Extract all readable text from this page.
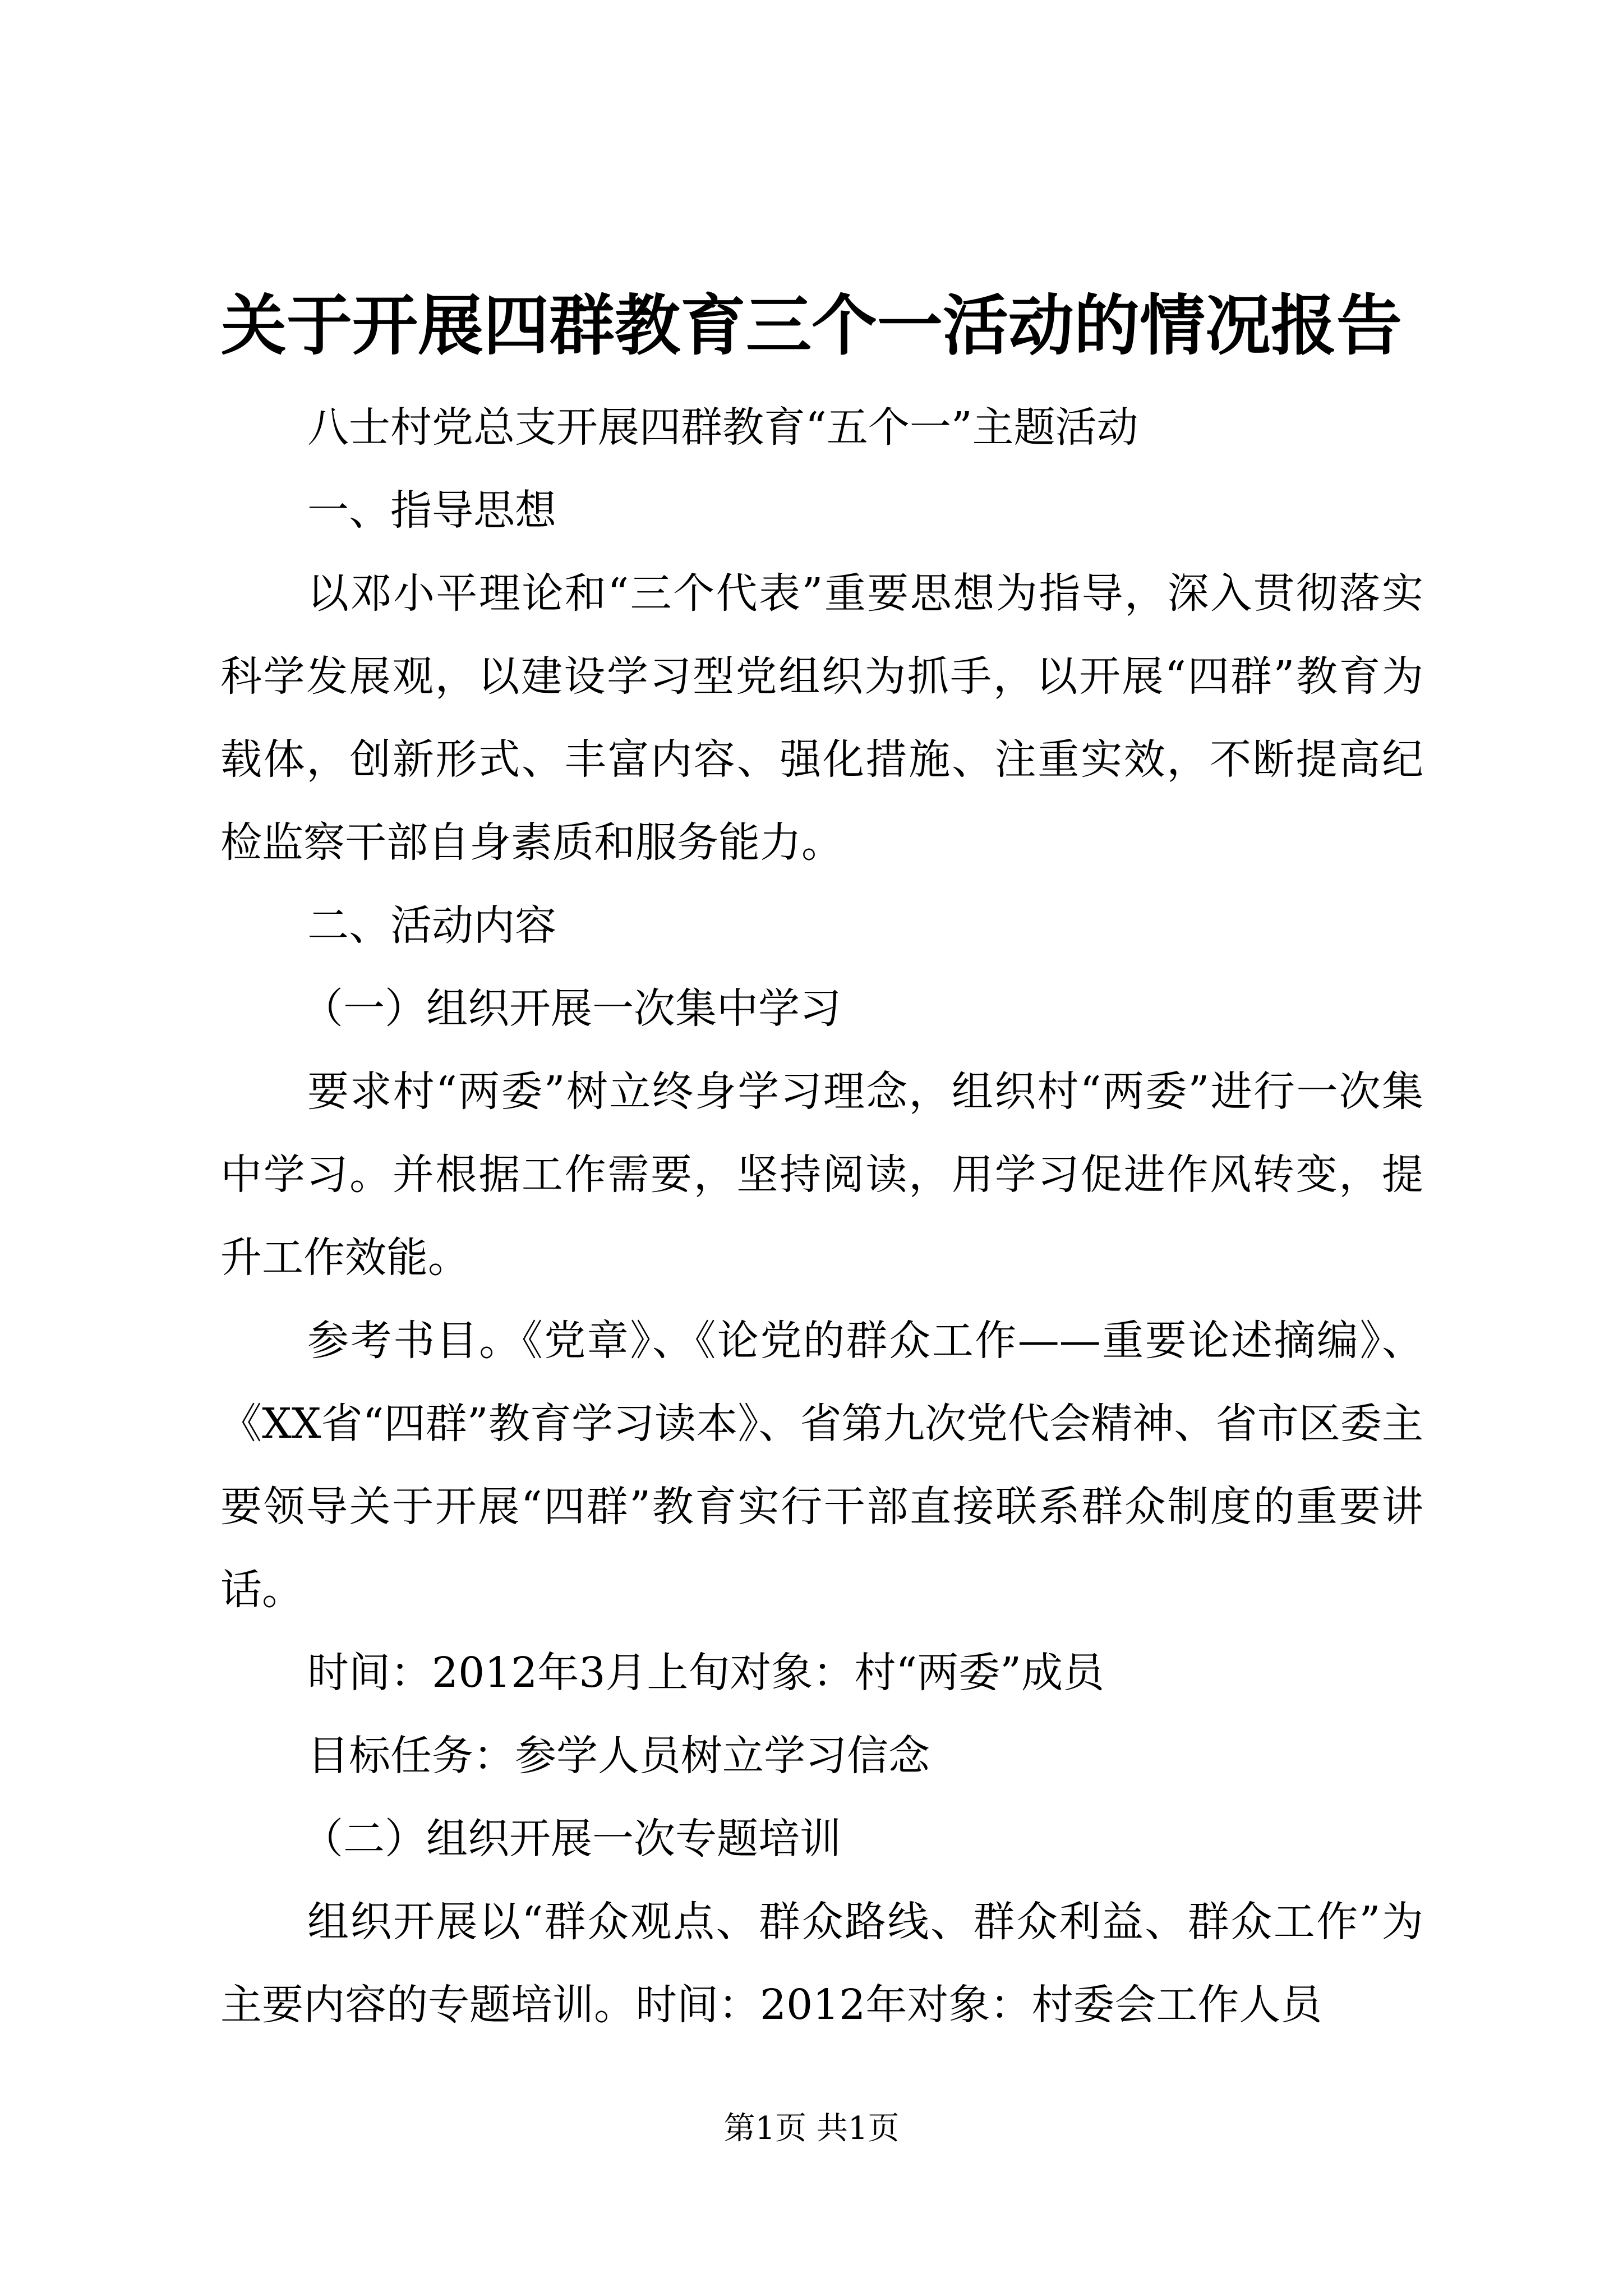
关于开展四群教育三个一活动的情况报告

八士村党总支开展四群教育“五个一”主题活动

一、指导思想

以邓小平理论和“三个代表”重要思想为指导，深入贯彻落实科学发展观，以建设学习型党组织为抓手，以开展“四群”教育为载体，创新形式、丰富内容、强化措施、注重实效，不断提高纪检监察干部自身素质和服务能力。

二、活动内容

（一）组织开展一次集中学习

要求村“两委”树立终身学习理念，组织村“两委”进行一次集中学习。并根据工作需要，坚持阅读，用学习促进作风转变，提升工作效能。

参考书目。《党章》、《论党的群众工作——重要论述摘编》、《XX省“四群”教育学习读本》、省第九次党代会精神、省市区委主要领导关于开展“四群”教育实行干部直接联系群众制度的重要讲话。

时间：2012年3月上旬对象：村“两委”成员

目标任务：参学人员树立学习信念

（二）组织开展一次专题培训

组织开展以“群众观点、群众路线、群众利益、群众工作”为主要内容的专题培训。时间：2012年对象：村委会工作人员

第1页 共1页
